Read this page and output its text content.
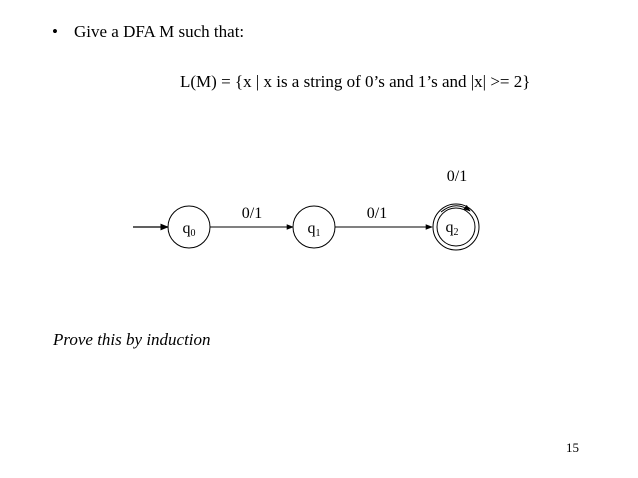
• Give a DFA M such that:
L(M) = {x | x is a string of 0’s and 1’s and |x| >= 2}
q0
0/1
q1
0/1
q2
0/1
Prove this by induction
15
